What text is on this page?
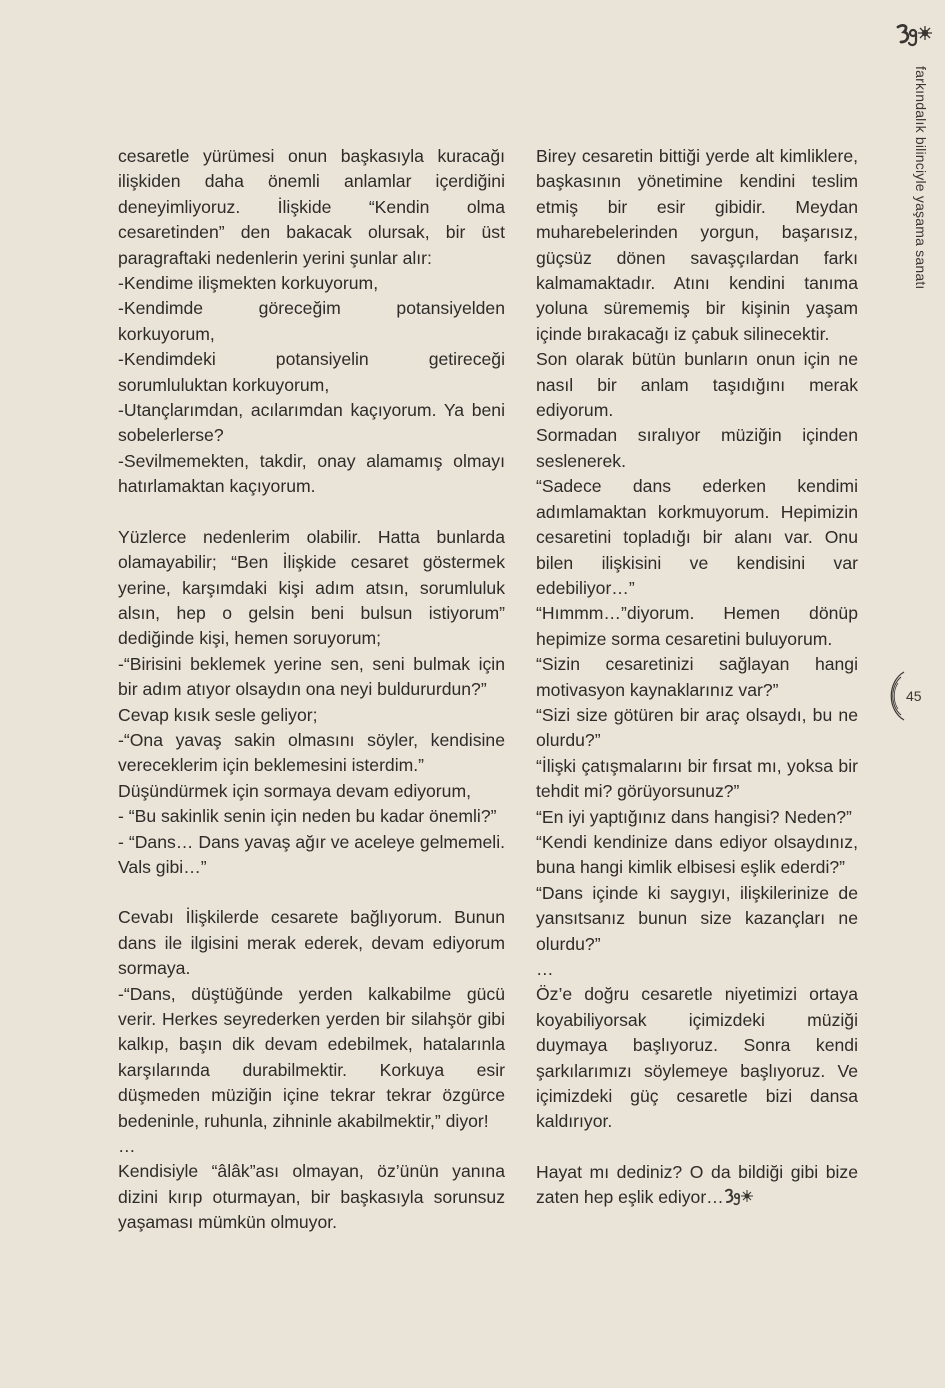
cesaretle yürümesi onun başkasıyla kuracağı ilişkiden daha önemli anlamlar içerdiğini deneyimliyoruz. İlişkide “Kendin olma cesaretinden” den bakacak olursak, bir üst paragraftaki nedenlerin yerini şunlar alır:

-Kendime ilişmekten korkuyorum,

-Kendimde göreceğim potansiyelden korkuyorum,

-Kendimdeki potansiyelin getireceği sorumluluktan korkuyorum,

-Utançlarımdan, acılarımdan kaçıyorum. Ya beni sobelerlerse?

-Sevilmemekten, takdir, onay alamamış olmayı hatırlamaktan kaçıyorum.

Yüzlerce nedenlerim olabilir. Hatta bunlarda olamayabilir; “Ben İlişkide cesaret göstermek yerine, karşımdaki kişi adım atsın, sorumluluk alsın, hep o gelsin beni bulsun istiyorum” dediğinde kişi, hemen soruyorum;

-“Birisini beklemek yerine sen, seni bulmak için bir adım atıyor olsaydın ona neyi buldururdun?”

Cevap kısık sesle geliyor;

-“Ona yavaş sakin olmasını söyler, kendisine vereceklerim için beklemesini isterdim.”

Düşündürmek için sormaya devam ediyorum,

- “Bu sakinlik senin için neden bu kadar önemli?”

- “Dans… Dans yavaş ağır ve aceleye gelmemeli. Vals gibi…”

Cevabı İlişkilerde cesarete bağlıyorum. Bunun dans ile ilgisini merak ederek, devam ediyorum sormaya.

-“Dans, düştüğünde yerden kalkabilme gücü verir. Herkes seyrederken yerden bir silahşör gibi kalkıp, başın dik devam edebilmek, hatalarınla karşılarında durabilmektir. Korkuya esir düşmeden müziğin içine tekrar tekrar özgürce bedeninle, ruhunla, zihninle akabilmektir,” diyor!

…

Kendisiyle “âlâk”ası olmayan, öz’ünün yanına dizini kırıp oturmayan, bir başkasıyla sorunsuz yaşaması mümkün olmuyor.

Birey cesaretin bittiği yerde alt kimliklere, başkasının yönetimine kendini teslim etmiş bir esir gibidir. Meydan muharebelerinden yorgun, başarısız, güçsüz dönen savaşçılardan farkı kalmamaktadır. Atını kendini tanıma yoluna sürememiş bir kişinin yaşam içinde bırakacağı iz çabuk silinecektir.

Son olarak bütün bunların onun için ne nasıl bir anlam taşıdığını merak ediyorum.

Sormadan sıralıyor müziğin içinden seslenerek.

“Sadece dans ederken kendimi adımlamaktan korkmuyorum. Hepimizin cesaretini topladığı bir alanı var. Onu bilen ilişkisini ve kendisini var edebiliyor…”

“Hımmm…”diyorum. Hemen dönüp hepimize sorma cesaretini buluyorum.

“Sizin cesaretinizi sağlayan hangi motivasyon kaynaklarınız var?”

“Sizi size götüren bir araç olsaydı, bu ne olurdu?”

“İlişki çatışmalarını bir fırsat mı, yoksa bir tehdit mi? görüyorsunuz?”

“En iyi yaptığınız dans hangisi? Neden?”

“Kendi kendinize dans ediyor olsaydınız, buna hangi kimlik elbisesi eşlik ederdi?”

“Dans içinde ki saygıyı, ilişkilerinize de yansıtsanız bunun size kazançları ne olurdu?”

…

Öz’e doğru cesaretle niyetimizi ortaya koyabiliyorsak içimizdeki müziği duymaya başlıyoruz. Sonra kendi şarkılarımızı söylemeye başlıyoruz. Ve içimizdeki güç cesaretle bizi dansa kaldırıyor.

Hayat mı dediniz? O da bildiği gibi bize zaten hep eşlik ediyor…

farkındalık bilinciyle yaşama sanatı
45
